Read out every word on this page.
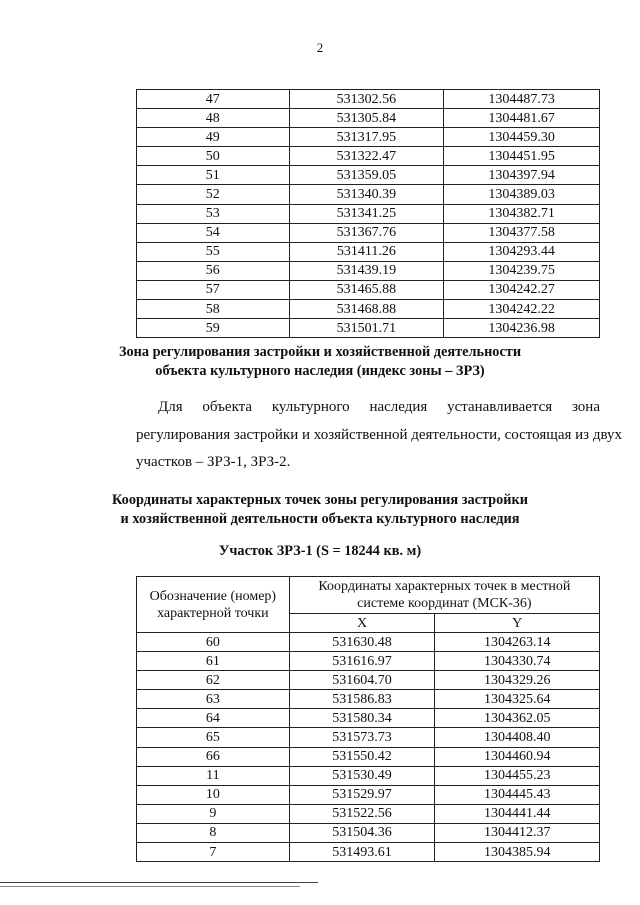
2
47	531302.56	1304487.73
48	531305.84	1304481.67
49	531317.95	1304459.30
50	531322.47	1304451.95
51	531359.05	1304397.94
52	531340.39	1304389.03
53	531341.25	1304382.71
54	531367.76	1304377.58
55	531411.26	1304293.44
56	531439.19	1304239.75
57	531465.88	1304242.27
58	531468.88	1304242.22
59	531501.71	1304236.98
Зона регулирования застройки и хозяйственной деятельности
объекта культурного наследия (индекс зоны – ЗРЗ)
Для объекта культурного наследия устанавливается зона
регулирования застройки и хозяйственной деятельности, состоящая из двух
участков – ЗРЗ-1, ЗРЗ-2.
Координаты характерных точек зоны регулирования застройки
и хозяйственной деятельности объекта культурного наследия
Участок ЗРЗ-1 (S = 18244 кв. м)
Обозначение (номер) характерной точки	Координаты характерных точек в местной системе координат (МСК-36)	
	X	Y
60	531630.48	1304263.14
61	531616.97	1304330.74
62	531604.70	1304329.26
63	531586.83	1304325.64
64	531580.34	1304362.05
65	531573.73	1304408.40
66	531550.42	1304460.94
11	531530.49	1304455.23
10	531529.97	1304445.43
9	531522.56	1304441.44
8	531504.36	1304412.37
7	531493.61	1304385.94
